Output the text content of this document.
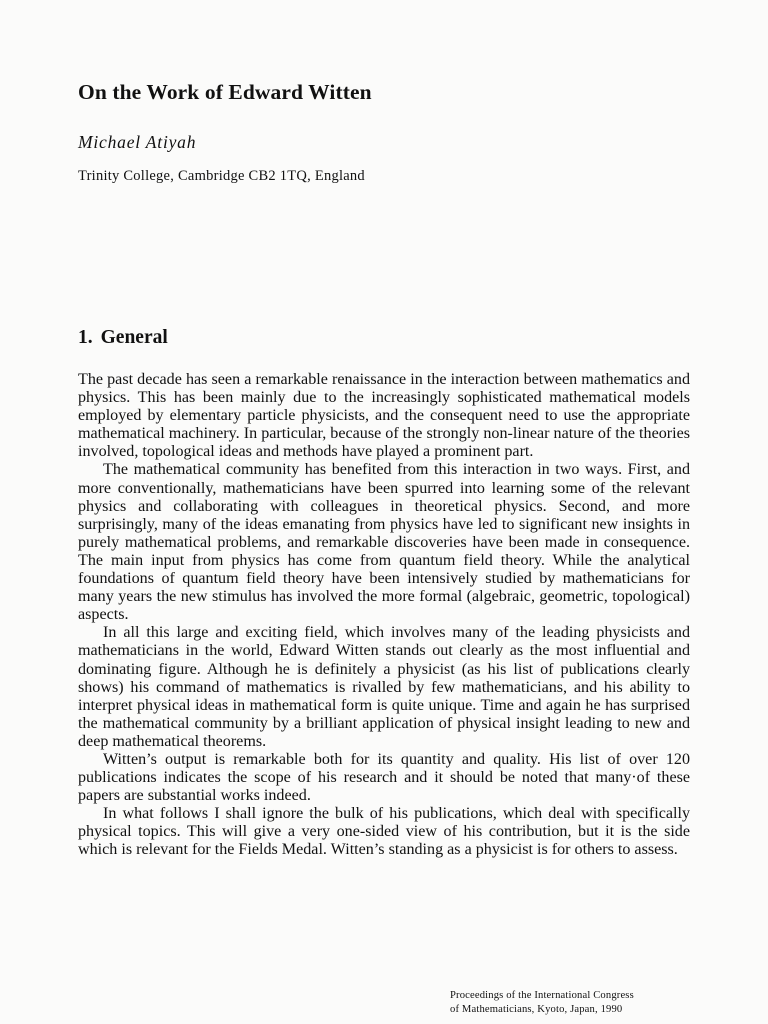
On the Work of Edward Witten
Michael Atiyah
Trinity College, Cambridge CB2 1TQ, England
1. General

The past decade has seen a remarkable renaissance in the interaction between mathematics and physics. This has been mainly due to the increasingly sophisticated mathematical models employed by elementary particle physicists, and the consequent need to use the appropriate mathematical machinery. In particular, because of the strongly non-linear nature of the theories involved, topological ideas and methods have played a prominent part.

The mathematical community has benefited from this interaction in two ways. First, and more conventionally, mathematicians have been spurred into learning some of the relevant physics and collaborating with colleagues in theoretical physics. Second, and more surprisingly, many of the ideas emanating from physics have led to significant new insights in purely mathematical problems, and remarkable discoveries have been made in consequence. The main input from physics has come from quantum field theory. While the analytical foundations of quantum field theory have been intensively studied by mathematicians for many years the new stimulus has involved the more formal (algebraic, geometric, topological) aspects.

In all this large and exciting field, which involves many of the leading physicists and mathematicians in the world, Edward Witten stands out clearly as the most influential and dominating figure. Although he is definitely a physicist (as his list of publications clearly shows) his command of mathematics is rivalled by few mathematicians, and his ability to interpret physical ideas in mathematical form is quite unique. Time and again he has surprised the mathematical community by a brilliant application of physical insight leading to new and deep mathematical theorems.

Witten’s output is remarkable both for its quantity and quality. His list of over 120 publications indicates the scope of his research and it should be noted that many·of these papers are substantial works indeed.

In what follows I shall ignore the bulk of his publications, which deal with specifically physical topics. This will give a very one-sided view of his contribution, but it is the side which is relevant for the Fields Medal. Witten’s standing as a physicist is for others to assess.

Proceedings of the International Congress
of Mathematicians, Kyoto, Japan, 1990
